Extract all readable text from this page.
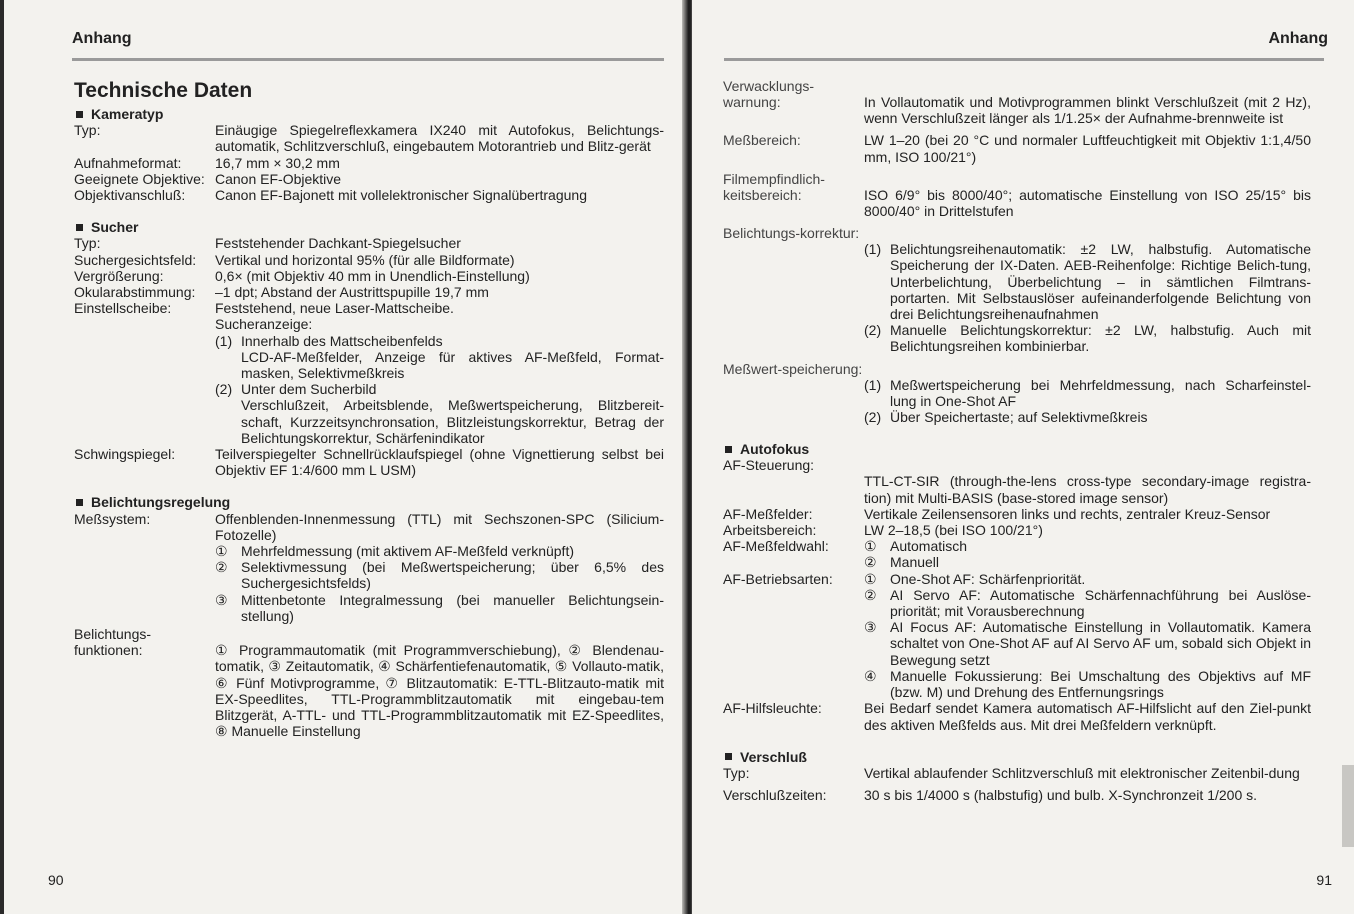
Anhang
Technische Daten
Kameratyp
Typ:	Einäugige Spiegelreflexkamera IX240 mit Autofokus, Belichtungs-automatik, Schlitzverschluß, eingebautem Motorantrieb und Blitz-gerät
Aufnahmeformat:	16,7 mm × 30,2 mm
Geeignete Objektive: Canon EF-Objektive
Objektivanschluß:	Canon EF-Bajonett mit vollelektronischer Signalübertragung
Sucher
Typ:	Feststehender Dachkant-Spiegelsucher
Suchergesichtsfeld:	Vertikal und horizontal 95% (für alle Bildformate)
Vergrößerung:	0,6× (mit Objektiv 40 mm in Unendlich-Einstellung)
Okularabstimmung:	–1 dpt; Abstand der Austrittspupille 19,7 mm
Einstellscheibe:	Feststehend, neue Laser-Mattscheibe.
Sucheranzeige:
(1) Innerhalb des Mattscheibenfelds
LCD-AF-Meßfelder, Anzeige für aktives AF-Meßfeld, Format-masken, Selektivmeßkreis
(2) Unter dem Sucherbild
Verschlußzeit, Arbeitsblende, Meßwertspeicherung, Blitzbereit-schaft, Kurzzeitsynchronsation, Blitzleistungskorrektur, Betrag der Belichtungskorrektur, Schärfenindikator
Schwingspiegel:	Teilverspiegelter Schnellrücklaufspiegel (ohne Vignettierung selbst bei Objektiv EF 1:4/600 mm L USM)
Belichtungsregelung
Meßsystem:	Offenblenden-Innenmessung (TTL) mit Sechszonen-SPC (Silicium-Fotozelle)
① Mehrfeldmessung (mit aktivem AF-Meßfeld verknüpft)
② Selektivmessung (bei Meßwertspeicherung; über 6,5% des Suchergesichtsfelds)
③ Mittenbetonte Integralmessung (bei manueller Belichtungsein-stellung)
Belichtungs-funktionen:	① Programmautomatik (mit Programmverschiebung), ② Blendenau-tomatik, ③ Zeitautomatik, ④ Schärfentiefenautomatik, ⑤ Vollauto-matik, ⑥ Fünf Motivprogramme, ⑦ Blitzautomatik: E-TTL-Blitzauto-matik mit EX-Speedlites, TTL-Programmblitzautomatik mit eingebau-tem Blitzgerät, A-TTL- und TTL-Programmblitzautomatik mit EZ-Speedlites, ⑧ Manuelle Einstellung
90
Anhang
Verwacklungs-warnung:	In Vollautomatik und Motivprogrammen blinkt Verschlußzeit (mit 2 Hz), wenn Verschlußzeit länger als 1/1.25× der Aufnahme-brennweite ist
Meßbereich:	LW 1–20 (bei 20 °C und normaler Luftfeuchtigkeit mit Objektiv 1:1,4/50 mm, ISO 100/21°)
Filmempfindlich-keitsbereich:	ISO 6/9° bis 8000/40°; automatische Einstellung von ISO 25/15° bis 8000/40° in Drittelstufen
Belichtungs-korrektur:
(1) Belichtungsreihenautomatik: ±2 LW, halbstufig. Automatische Speicherung der IX-Daten. AEB-Reihenfolge: Richtige Belich-tung, Unterbelichtung, Überbelichtung – in sämtlichen Filmtrans-portarten. Mit Selbstauslöser aufeinanderfolgende Belichtung von drei Belichtungsreihenaufnahmen
(2) Manuelle Belichtungskorrektur: ±2 LW, halbstufig. Auch mit Belichtungsreihen kombinierbar.
Meßwert-speicherung:
(1) Meßwertspeicherung bei Mehrfeldmessung, nach Scharfeinstel-lung in One-Shot AF
(2) Über Speichertaste; auf Selektivmeßkreis
Autofokus
AF-Steuerung:
TTL-CT-SIR (through-the-lens cross-type secondary-image registra-tion) mit Multi-BASIS (base-stored image sensor)
AF-Meßfelder:	Vertikale Zeilensensoren links und rechts, zentraler Kreuz-Sensor
Arbeitsbereich:	LW 2–18,5 (bei ISO 100/21°)
AF-Meßfeldwahl:	① Automatisch
② Manuell
AF-Betriebsarten:	① One-Shot AF: Schärfenpriorität.
② AI Servo AF: Automatische Schärfennachführung bei Auslöse-priorität; mit Vorausberechnung
③ AI Focus AF: Automatische Einstellung in Vollautomatik. Kamera schaltet von One-Shot AF auf AI Servo AF um, sobald sich Objekt in Bewegung setzt
④ Manuelle Fokussierung: Bei Umschaltung des Objektivs auf MF (bzw. M) und Drehung des Entfernungsrings
AF-Hilfsleuchte:	Bei Bedarf sendet Kamera automatisch AF-Hilfslicht auf den Ziel-punkt des aktiven Meßfelds aus. Mit drei Meßfeldern verknüpft.
Verschluß
Typ:	Vertikal ablaufender Schlitzverschluß mit elektronischer Zeitenbil-dung
Verschlußzeiten:	30 s bis 1/4000 s (halbstufig) und bulb. X-Synchronzeit 1/200 s.
91
